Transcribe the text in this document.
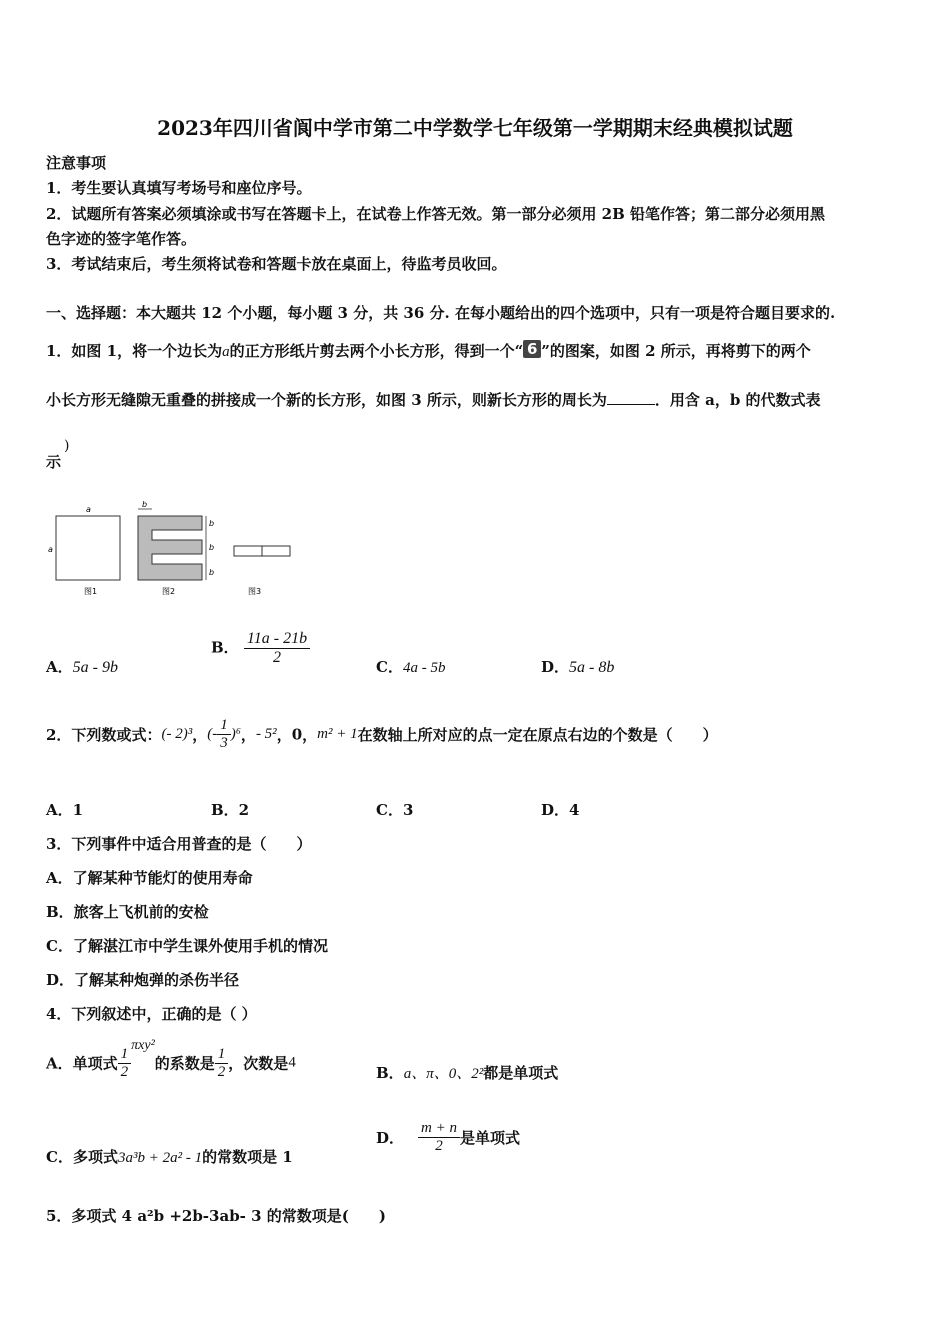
2023年四川省阆中学市第二中学数学七年级第一学期期末经典模拟试题
注意事项
1．考生要认真填写考场号和座位序号。
2．试题所有答案必须填涂或书写在答题卡上，在试卷上作答无效。第一部分必须用 2B 铅笔作答；第二部分必须用黑
色字迹的签字笔作答。
3．考试结束后，考生须将试卷和答题卡放在桌面上，待监考员收回。
一、选择题：本大题共 12 个小题，每小题 3 分，共 36 分. 在每小题给出的四个选项中，只有一项是符合题目要求的.
1．如图 1，将一个边长为a的正方形纸片剪去两个小长方形，得到一个“ 6 ”的图案，如图 2 所示，再将剪下的两个
小长方形无缝隙无重叠的拼接成一个新的长方形，如图 3 所示，则新长方形的周长为	．用含 a，b 的代数式表
示
)
a
a
图1
b
b
b
b
图2	图3
A．5a - 9b
B． $\frac{11a - 21b}{2}$	C．4a - 5b	D．5a - 8b
2．下列数或式：(- 2)³，(- $\frac{1}{3} )^6$，- 5²，0，m² + 1在数轴上所对应的点一定在原点右边的个数是（　　）
A．1	B．2	C．3	D．4
3．下列事件中适合用普查的是（　　）
A．了解某种节能灯的使用寿命
B．旅客上飞机前的安检
C．了解湛江市中学生课外使用手机的情况
D．了解某种炮弹的杀伤半径
4．下列叙述中，正确的是（ ）
A．单项式 $\frac{1}{2} \pi xy^2$的系数是 $\frac{1}{2}$ ，次数是4
B．a、π、0、2²都是单项式
C．多项式3a³b + 2a² - 1的常数项是 1
D． $\frac{m + n}{2}$ 是单项式
5．多项式 4 a²b +2b-3ab- 3 的常数项是(　　)
